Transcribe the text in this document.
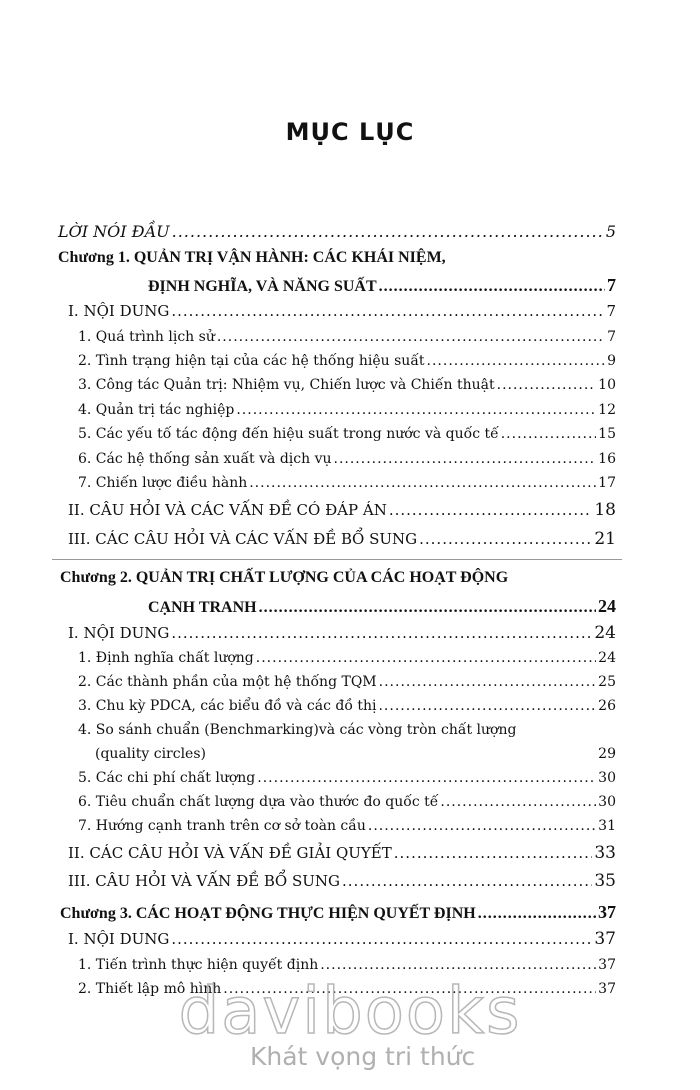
MỤC LỤC
LỜI NÓI ĐẦU .....	5
Chương 1. QUẢN TRỊ VẬN HÀNH: CÁC KHÁI NIỆM,
ĐỊNH NGHĨA, VÀ NĂNG SUẤT .....	7
I. NỘI DUNG .....	7
1. Quá trình lịch sử .....	7
2. Tình trạng hiện tại của các hệ thống hiệu suất .....	9
3. Công tác Quản trị: Nhiệm vụ, Chiến lược và Chiến thuật .....	10
4. Quản trị tác nghiệp .....	12
5. Các yếu tố tác động đến hiệu suất trong nước và quốc tế .....	15
6. Các hệ thống sản xuất và dịch vụ .....	16
7. Chiến lược điều hành .....	17
II. CÂU HỎI VÀ CÁC VẤN ĐỀ CÓ ĐÁP ÁN .....	18
III. CÁC CÂU HỎI VÀ CÁC VẤN ĐỀ BỔ SUNG .....	21
Chương 2. QUẢN TRỊ CHẤT LƯỢNG CỦA CÁC HOẠT ĐỘNG
CẠNH TRANH .....	24
I. NỘI DUNG .....	24
1. Định nghĩa chất lượng .....	24
2. Các thành phần của một hệ thống TQM .....	25
3. Chu kỳ PDCA, các biểu đồ và các đồ thị .....	26
4. So sánh chuẩn (Benchmarking)và các vòng tròn chất lượng
(quality circles)	29
5. Các chi phí chất lượng .....	30
6. Tiêu chuẩn chất lượng dựa vào thước đo quốc tế .....	30
7. Hướng cạnh tranh trên cơ sở toàn cầu .....	31
II. CÁC CÂU HỎI VÀ VẤN ĐỀ GIẢI QUYẾT .....	33
III. CÂU HỎI VÀ VẤN ĐỀ BỔ SUNG .....	35
Chương 3. CÁC HOẠT ĐỘNG THỰC HIỆN QUYẾT ĐỊNH .....	37
I. NỘI DUNG .....	37
1. Tiến trình thực hiện quyết định .....	37
2. Thiết lập mô hình .....	37
davibooks
Khát vọng tri thức
